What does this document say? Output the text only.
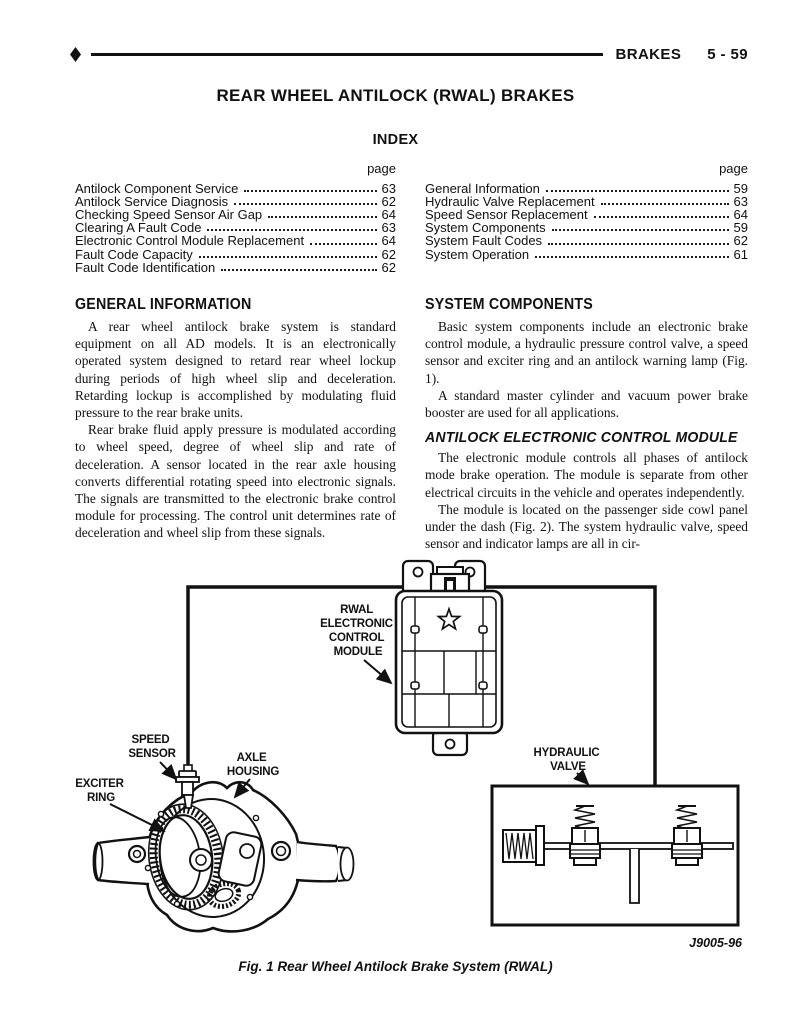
BRAKES 5 - 59
REAR WHEEL ANTILOCK (RWAL) BRAKES
INDEX
page
Antilock Component Service	63
Antilock Service Diagnosis	62
Checking Speed Sensor Air Gap	64
Clearing A Fault Code	63
Electronic Control Module Replacement	64
Fault Code Capacity	62
Fault Code Identification	62
page
General Information	59
Hydraulic Valve Replacement	63
Speed Sensor Replacement	64
System Components	59
System Fault Codes	62
System Operation	61
GENERAL INFORMATION

A rear wheel antilock brake system is standard equipment on all AD models. It is an electronically operated system designed to retard rear wheel lockup during periods of high wheel slip and deceleration. Retarding lockup is accomplished by modulating fluid pressure to the rear brake units.

Rear brake fluid apply pressure is modulated according to wheel speed, degree of wheel slip and rate of deceleration. A sensor located in the rear axle housing converts differential rotating speed into electronic signals. The signals are transmitted to the electronic brake control module for processing. The control unit determines rate of deceleration and wheel slip from these signals.

SYSTEM COMPONENTS

Basic system components include an electronic brake control module, a hydraulic pressure control valve, a speed sensor and exciter ring and an antilock warning lamp (Fig. 1).

A standard master cylinder and vacuum power brake booster are used for all applications.

ANTILOCK ELECTRONIC CONTROL MODULE

The electronic module controls all phases of antilock mode brake operation. The module is separate from other electrical circuits in the vehicle and operates independently.

The module is located on the passenger side cowl panel under the dash (Fig. 2). The system hydraulic valve, speed sensor and indicator lamps are all in cir-

RWAL ELECTRONIC CONTROL MODULE
SPEED SENSOR	AXLE HOUSING
EXCITER RING
HYDRAULIC VALVE
J9005-96
Fig. 1 Rear Wheel Antilock Brake System (RWAL)
